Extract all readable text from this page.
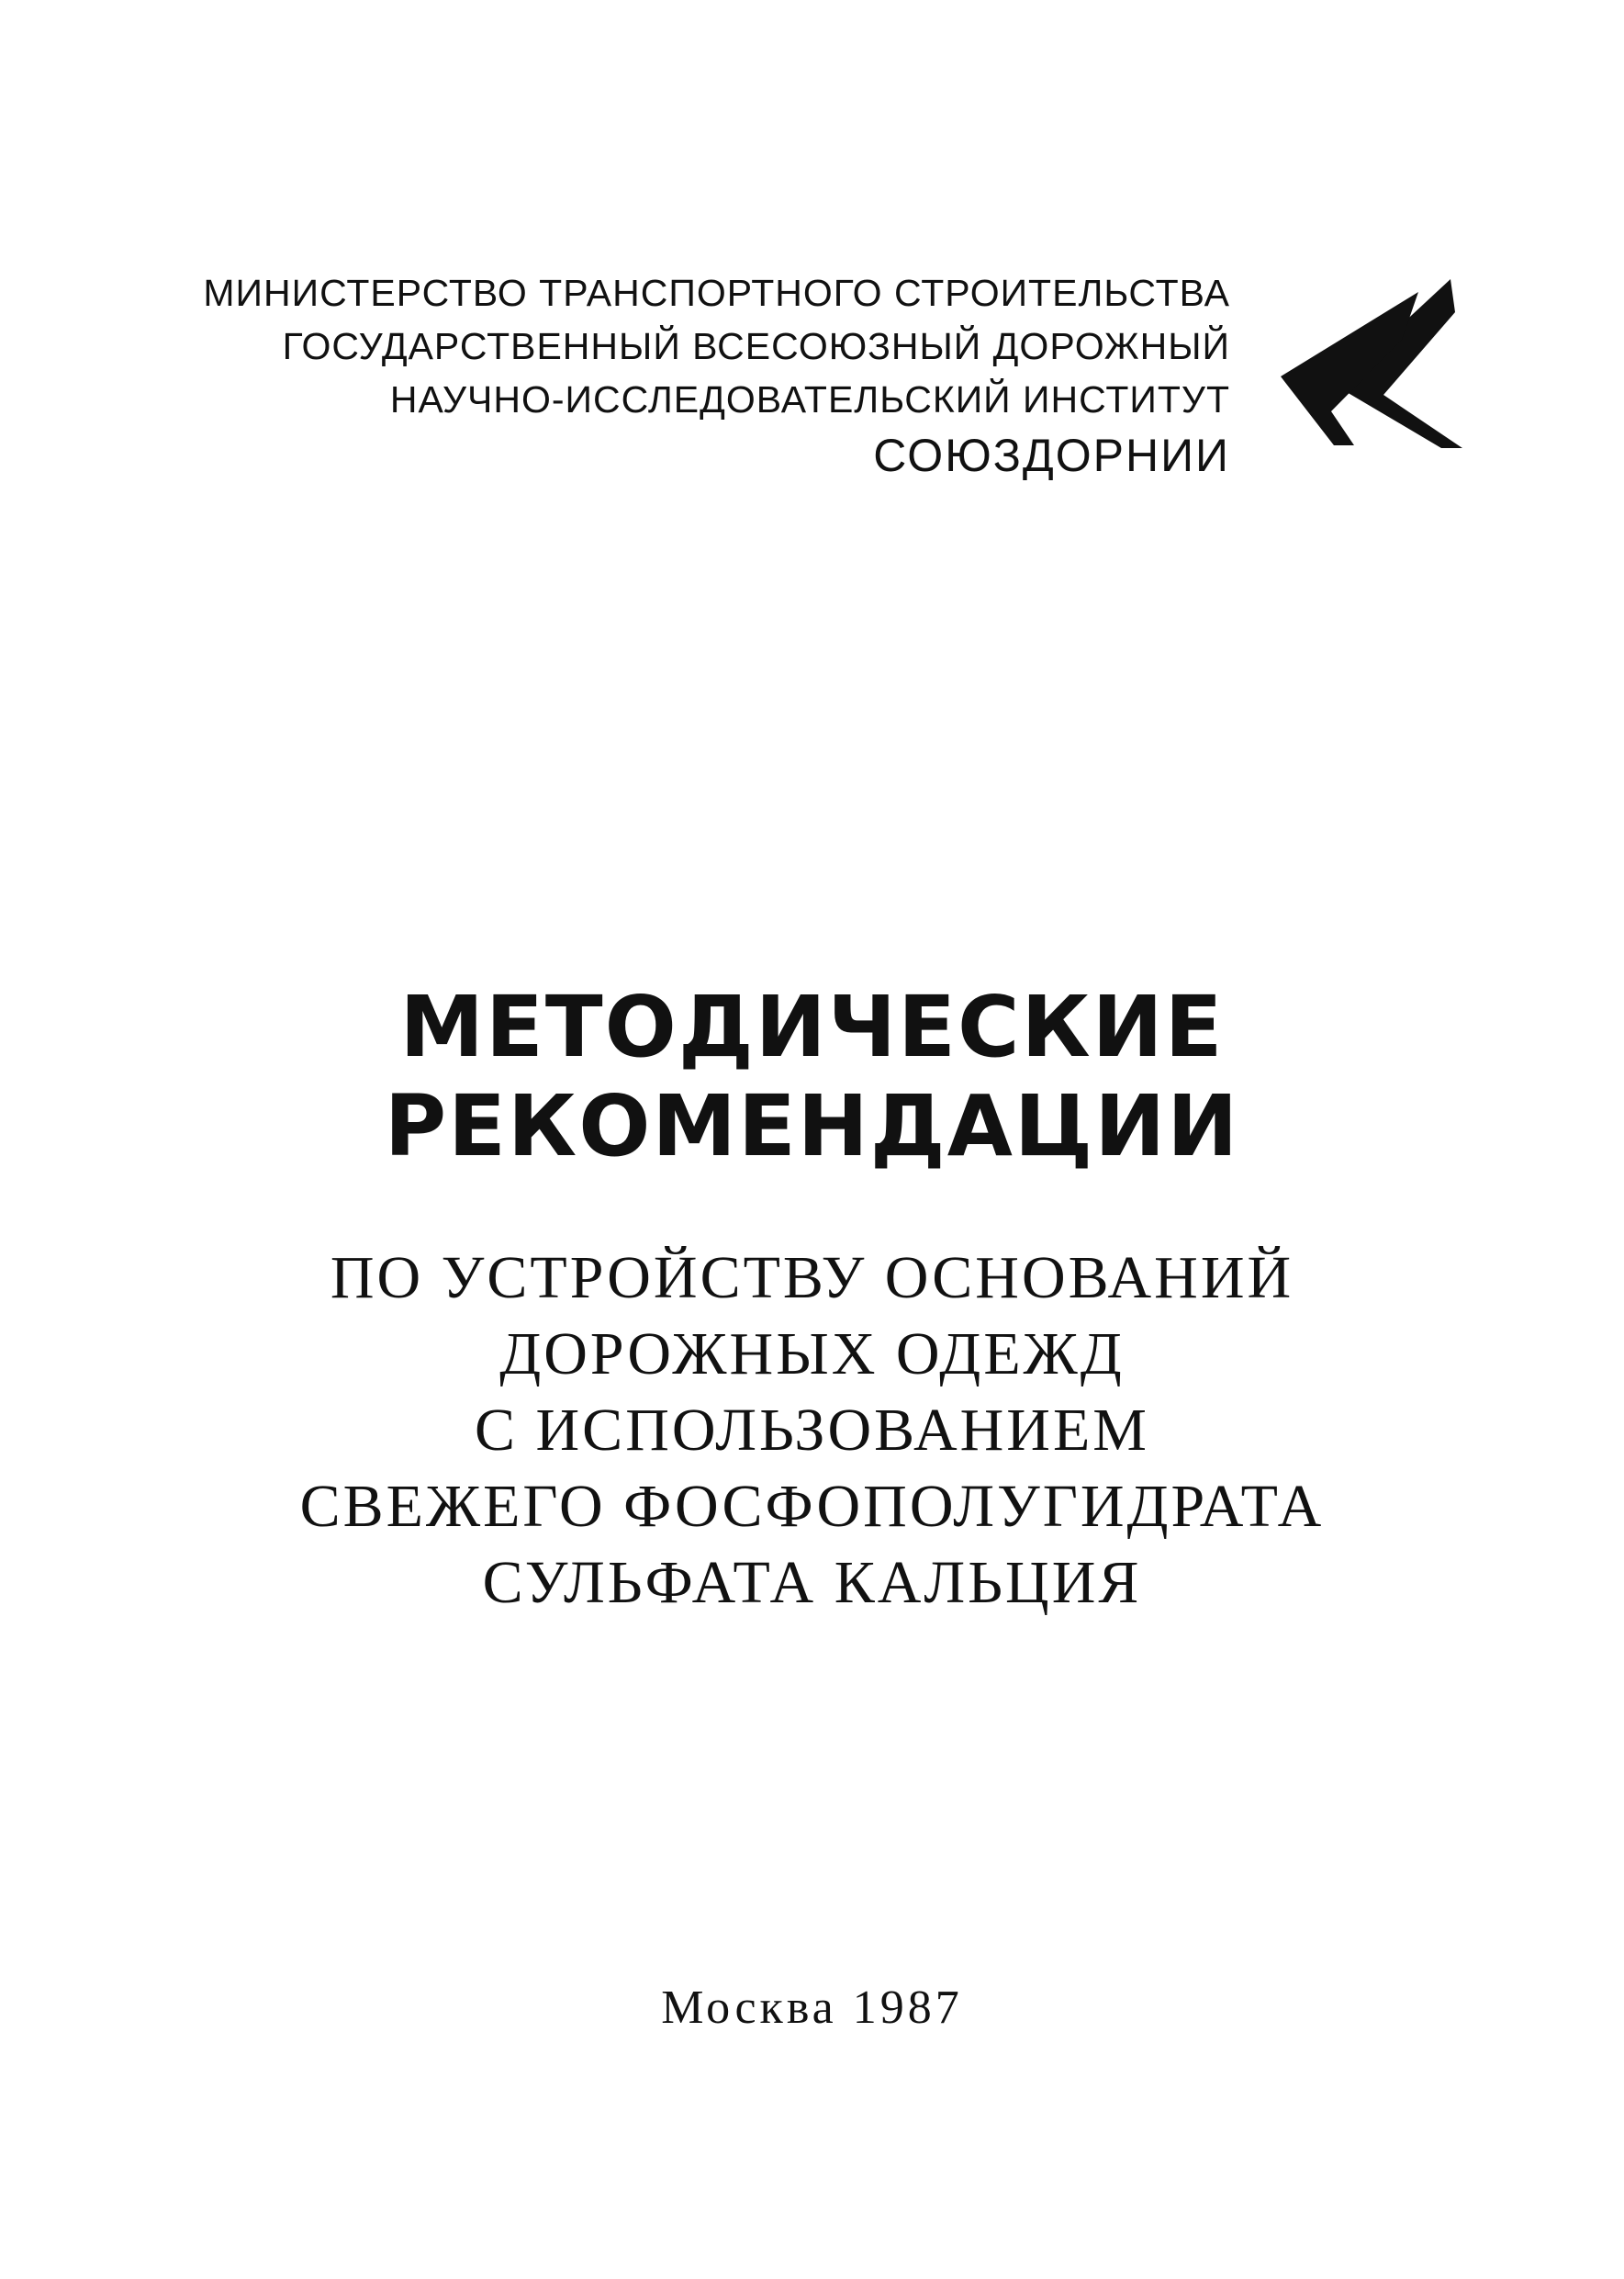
МИНИСТЕРСТВО ТРАНСПОРТНОГО СТРОИТЕЛЬСТВА
ГОСУДАРСТВЕННЫЙ ВСЕСОЮЗНЫЙ ДОРОЖНЫЙ
НАУЧНО-ИССЛЕДОВАТЕЛЬСКИЙ ИНСТИТУТ
СОЮЗДОРНИИ
МЕТОДИЧЕСКИЕ
РЕКОМЕНДАЦИИ
ПО УСТРОЙСТВУ ОСНОВАНИЙ
ДОРОЖНЫХ ОДЕЖД
С ИСПОЛЬЗОВАНИЕМ
СВЕЖЕГО ФОСФОПОЛУГИДРАТА
СУЛЬФАТА КАЛЬЦИЯ
Москва 1987
